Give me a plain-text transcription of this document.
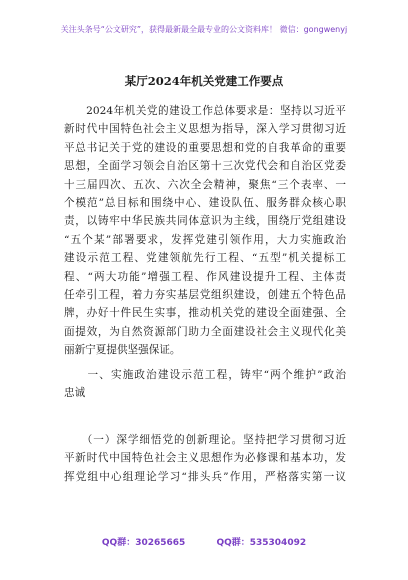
关注头条号“公文研究”，获得最新最全最专业的公文资料库！ 微信：gongwenyj
某厅2024年机关党建工作要点
　　2024年机关党的建设工作总体要求是：坚持以习近平
新时代中国特色社会主义思想为指导，深入学习贯彻习近
平总书记关于党的建设的重要思想和党的自我革命的重要
思想，全面学习领会自治区第十三次党代会和自治区党委
十三届四次、五次、六次全会精神，聚焦“三个表率、一
个模范”总目标和围绕中心、建设队伍、服务群众核心职
责，以铸牢中华民族共同体意识为主线，围绕厅党组建设
“五个某”部署要求，发挥党建引领作用，大力实施政治
建设示范工程、党建领航先行工程、“五型”机关提标工
程、“两大功能”增强工程、作风建设提升工程、主体责
任牵引工程，着力夯实基层党组织建设，创建五个特色品
牌，办好十件民生实事，推动机关党的建设全面建强、全
面提效，为自然资源部门助力全面建设社会主义现代化美
丽新宁夏提供坚强保证。
　　一、实施政治建设示范工程，铸牢“两个维护”政治
忠诚
　　（一）深学细悟党的创新理论。坚持把学习贯彻习近
平新时代中国特色社会主义思想作为必修课和基本功，发
挥党组中心组理论学习“排头兵”作用，严格落实第一议
QQ群：30265665	QQ群：535304092
